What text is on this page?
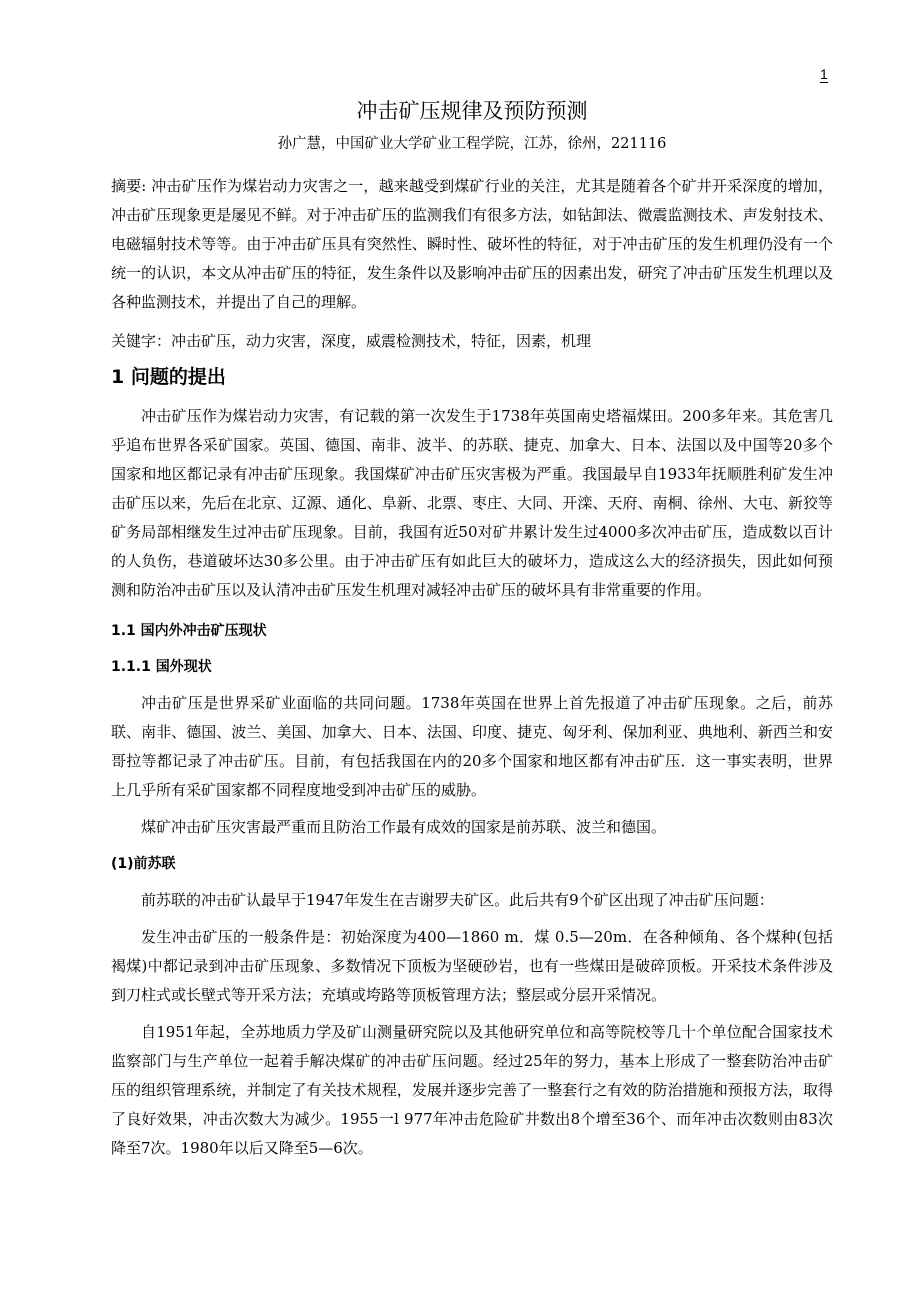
1
冲击矿压规律及预防预测
孙广慧，中国矿业大学矿业工程学院，江苏，徐州，221116

摘要: 冲击矿压作为煤岩动力灾害之一，越来越受到煤矿行业的关注，尤其是随着各个矿井开采深度的增加，冲击矿压现象更是屡见不鲜。对于冲击矿压的监测我们有很多方法，如钻卸法、微震监测技术、声发射技术、电磁辐射技术等等。由于冲击矿压具有突然性、瞬时性、破坏性的特征，对于冲击矿压的发生机理仍没有一个统一的认识，本文从冲击矿压的特征，发生条件以及影响冲击矿压的因素出发，研究了冲击矿压发生机理以及各种监测技术，并提出了自己的理解。

关键字：冲击矿压，动力灾害，深度，威震检测技术，特征，因素，机理

1 问题的提出

冲击矿压作为煤岩动力灾害，有记载的第一次发生于1738年英国南史塔福煤田。200多年来。其危害几乎追布世界各采矿国家。英国、德国、南非、波半、的苏联、捷克、加拿大、日本、法国以及中国等20多个国家和地区都记录有冲击矿压现象。我国煤矿冲击矿压灾害极为严重。我国最早自1933年抚顺胜利矿发生冲击矿压以来，先后在北京、辽源、通化、阜新、北票、枣庄、大同、开滦、天府、南桐、徐州、大屯、新狡等矿务局部相继发生过冲击矿压现象。目前，我国有近50对矿井累计发生过4000多次冲击矿压，造成数以百计的人负伤，巷道破坏达30多公里。由于冲击矿压有如此巨大的破坏力，造成这么大的经济损失，因此如何预测和防治冲击矿压以及认清冲击矿压发生机理对减轻冲击矿压的破坏具有非常重要的作用。

1.1 国内外冲击矿压现状
1.1.1 国外现状

冲击矿压是世界采矿业面临的共同问题。1738年英国在世界上首先报道了冲击矿压现象。之后，前苏联、南非、德国、波兰、美国、加拿大、日本、法国、印度、捷克、匈牙利、保加利亚、典地利、新西兰和安哥拉等都记录了冲击矿压。目前，有包括我国在内的20多个国家和地区都有冲击矿压．这一事实表明，世界上几乎所有采矿国家都不同程度地受到冲击矿压的威胁。

煤矿冲击矿压灾害最严重而且防治工作最有成效的国家是前苏联、波兰和德国。

(1)前苏联

前苏联的冲击矿认最早于1947年发生在吉谢罗夫矿区。此后共有9个矿区出现了冲击矿压问题：

发生冲击矿压的一般条件是：初始深度为400—1860 m．煤 0.5—20m．在各种倾角、各个煤种(包括褐煤)中都记录到冲击矿压现象、多数情况下顶板为坚硬砂岩，也有一些煤田是破碎顶板。开采技术条件涉及到刀柱式或长壁式等开采方法；充填或垮路等顶板管理方法；整层或分层开采情况。

自1951年起，全苏地质力学及矿山测量研究院以及其他研究单位和高等院校等几十个单位配合国家技术监察部门与生产单位一起着手解决煤矿的冲击矿压问题。经过25年的努力，基本上形成了一整套防治冲击矿压的组织管理系统，并制定了有关技术规程，发展并逐步完善了一整套行之有效的防治措施和预报方法，取得了良好效果，冲击次数大为减少。1955一l 977年冲击危险矿井数出8个增至36个、而年冲击次数则由83次降至7次。1980年以后又降至5—6次。
